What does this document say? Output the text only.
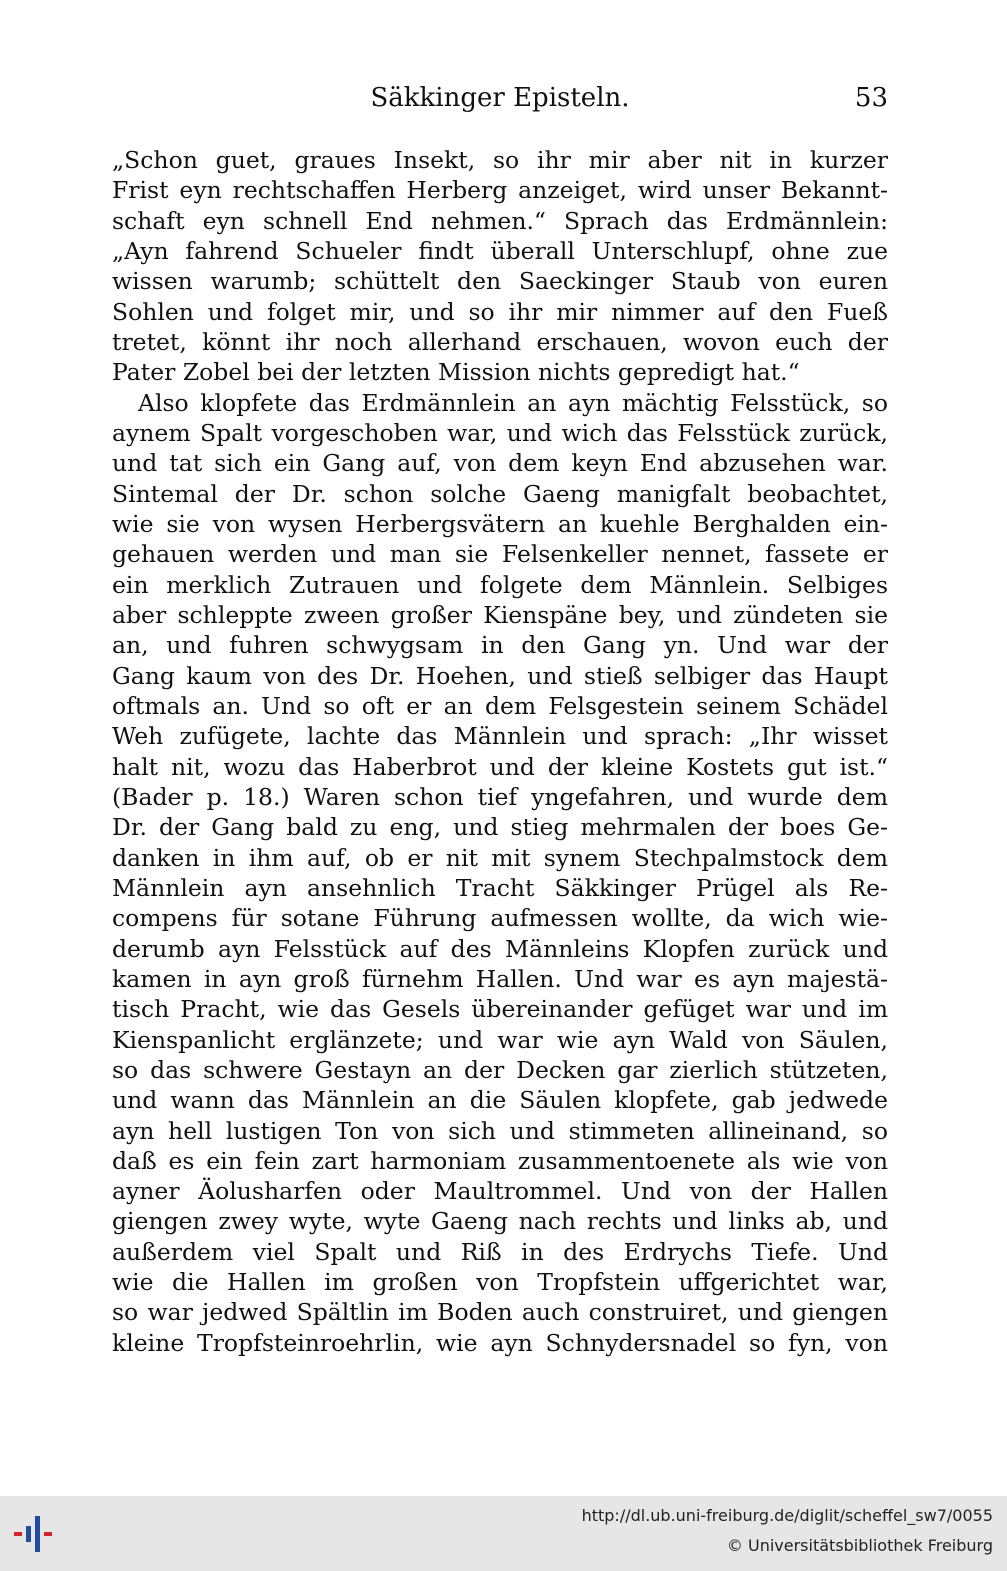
Säkkinger Episteln.	53
„Schon guet, graues Insekt, so ihr mir aber nit in kurzer
Frist eyn rechtschaffen Herberg anzeiget, wird unser Bekannt-
schaft eyn schnell End nehmen.“ Sprach das Erdmännlein:
„Ayn fahrend Schueler findt überall Unterschlupf, ohne zue
wissen warumb; schüttelt den Saeckinger Staub von euren
Sohlen und folget mir, und so ihr mir nimmer auf den Fueß
tretet, könnt ihr noch allerhand erschauen, wovon euch der
Pater Zobel bei der letzten Mission nichts gepredigt hat.“
Also klopfete das Erdmännlein an ayn mächtig Felsstück, so
aynem Spalt vorgeschoben war, und wich das Felsstück zurück,
und tat sich ein Gang auf, von dem keyn End abzusehen war.
Sintemal der Dr. schon solche Gaeng manigfalt beobachtet,
wie sie von wysen Herbergsvätern an kuehle Berghalden ein-
gehauen werden und man sie Felsenkeller nennet, fassete er
ein merklich Zutrauen und folgete dem Männlein. Selbiges
aber schleppte zween großer Kienspäne bey, und zündeten sie
an, und fuhren schwygsam in den Gang yn. Und war der
Gang kaum von des Dr. Hoehen, und stieß selbiger das Haupt
oftmals an. Und so oft er an dem Felsgestein seinem Schädel
Weh zufügete, lachte das Männlein und sprach: „Ihr wisset
halt nit, wozu das Haberbrot und der kleine Kostets gut ist.“
(Bader p. 18.) Waren schon tief yngefahren, und wurde dem
Dr. der Gang bald zu eng, und stieg mehrmalen der boes Ge-
danken in ihm auf, ob er nit mit synem Stechpalmstock dem
Männlein ayn ansehnlich Tracht Säkkinger Prügel als Re-
compens für sotane Führung aufmessen wollte, da wich wie-
derumb ayn Felsstück auf des Männleins Klopfen zurück und
kamen in ayn groß fürnehm Hallen. Und war es ayn majestä-
tisch Pracht, wie das Gesels übereinander gefüget war und im
Kienspanlicht erglänzete; und war wie ayn Wald von Säulen,
so das schwere Gestayn an der Decken gar zierlich stützeten,
und wann das Männlein an die Säulen klopfete, gab jedwede
ayn hell lustigen Ton von sich und stimmeten allineinand, so
daß es ein fein zart harmoniam zusammentoenete als wie von
ayner Äolusharfen oder Maultrommel. Und von der Hallen
giengen zwey wyte, wyte Gaeng nach rechts und links ab, und
außerdem viel Spalt und Riß in des Erdrychs Tiefe. Und
wie die Hallen im großen von Tropfstein uffgerichtet war,
so war jedwed Spältlin im Boden auch construiret, und giengen
kleine Tropfsteinroehrlin, wie ayn Schnydersnadel so fyn, von
http://dl.ub.uni-freiburg.de/diglit/scheffel_sw7/0055
© Universitätsbibliothek Freiburg
